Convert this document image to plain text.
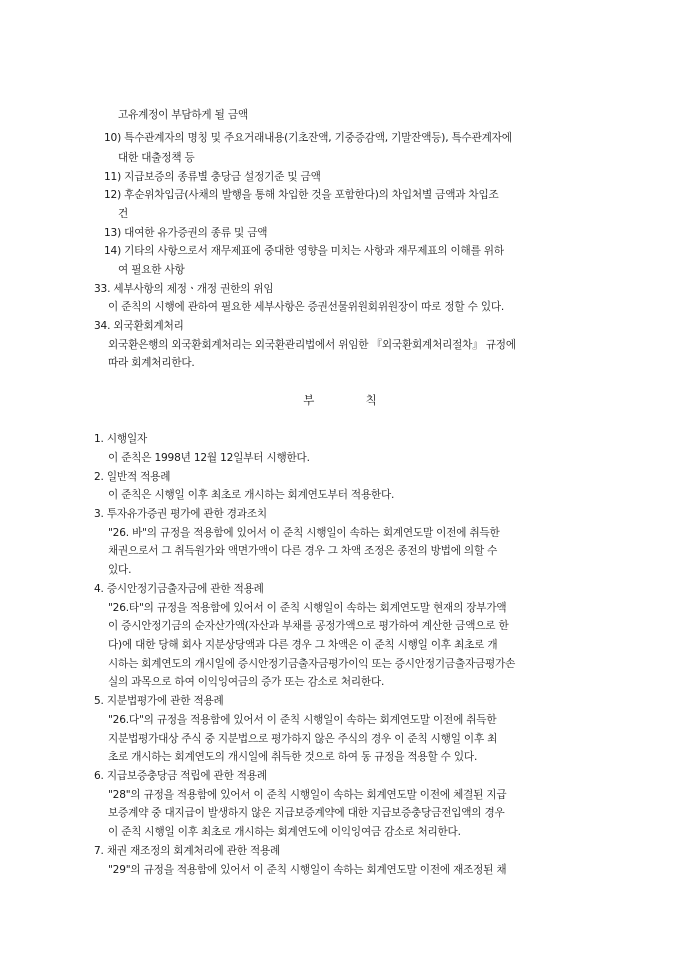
고유계정이 부담하게 될 금액
10) 특수관계자의 명칭 및 주요거래내용(기초잔액, 기중증감액, 기말잔액등), 특수관계자에
대한 대출정책 등
11) 지급보증의 종류별 충당금 설정기준 및 금액
12) 후순위차입금(사채의 발행을 통해 차입한 것을 포함한다)의 차입처별 금액과 차입조
건
13) 대여한 유가증권의 종류 및 금액
14) 기타의 사항으로서 재무제표에 중대한 영향을 미치는 사항과 재무제표의 이해를 위하
여 필요한 사항
33. 세부사항의 제정ㆍ개정 권한의 위임
이 준칙의 시행에 관하여 필요한 세부사항은 증권선물위원회위원장이 따로 정할 수 있다.
34. 외국환회계처리
외국환은행의 외국환회계처리는 외국환관리법에서 위임한 『외국환회계처리절차』 규정에
따라 회계처리한다.
부	칙
1. 시행일자
이 준칙은 1998년 12월 12일부터 시행한다.
2. 일반적 적용례
이 준칙은 시행일 이후 최초로 개시하는 회계연도부터 적용한다.
3. 투자유가증권 평가에 관한 경과조치
"26. 바"의 규정을 적용함에 있어서 이 준칙 시행일이 속하는 회계연도말 이전에 취득한
채권으로서 그 취득원가와 액면가액이 다른 경우 그 차액 조정은 종전의 방법에 의할 수
있다.
4. 증시안정기금출자금에 관한 적용례
"26.타"의 규정을 적용함에 있어서 이 준칙 시행일이 속하는 회계연도말 현재의 장부가액
이 증시안정기금의 순자산가액(자산과 부채를 공정가액으로 평가하여 계산한 금액으로 한
다)에 대한 당해 회사 지분상당액과 다른 경우 그 차액은 이 준칙 시행일 이후 최초로 개
시하는 회계연도의 개시일에 증시안정기금출자금평가이익 또는 증시안정기금출자금평가손
실의 과목으로 하여 이익잉여금의 증가 또는 감소로 처리한다.
5. 지분법평가에 관한 적용례
"26.다"의 규정을 적용함에 있어서 이 준칙 시행일이 속하는 회계연도말 이전에 취득한
지분법평가대상 주식 중 지분법으로 평가하지 않은 주식의 경우 이 준칙 시행일 이후 최
초로 개시하는 회계연도의 개시일에 취득한 것으로 하여 동 규정을 적용할 수 있다.
6. 지급보증충당금 적립에 관한 적용례
"28"의 규정을 적용함에 있어서 이 준칙 시행일이 속하는 회계연도말 이전에 체결된 지급
보증계약 중 대지급이 발생하지 않은 지급보증계약에 대한 지급보증충당금전입액의 경우
이 준칙 시행일 이후 최초로 개시하는 회계연도에 이익잉여금 감소로 처리한다.
7. 채권 재조정의 회계처리에 관한 적용례
"29"의 규정을 적용함에 있어서 이 준칙 시행일이 속하는 회계연도말 이전에 재조정된 채
